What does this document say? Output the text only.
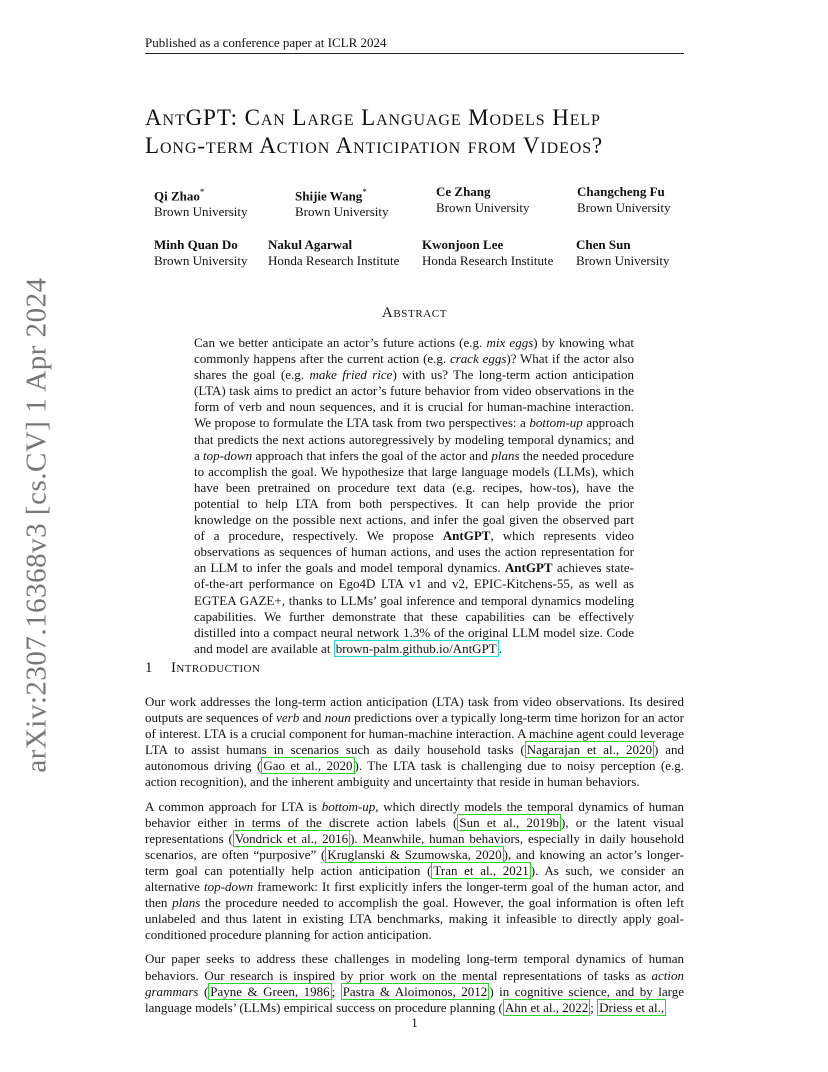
Published as a conference paper at ICLR 2024
arXiv:2307.16368v3 [cs.CV] 1 Apr 2024
AntGPT: Can Large Language Models Help
Long-term Action Anticipation from Videos?
Qi Zhao*
Brown University
Shijie Wang*
Brown University
Ce Zhang
Brown University
Changcheng Fu
Brown University
Minh Quan Do
Brown University
Nakul Agarwal
Honda Research Institute
Kwonjoon Lee
Honda Research Institute
Chen Sun
Brown University
Abstract
Can we better anticipate an actor’s future actions (e.g. mix eggs) by knowing what commonly happens after the current action (e.g. crack eggs)? What if the actor also shares the goal (e.g. make fried rice) with us? The long-term action anticipation (LTA) task aims to predict an actor’s future behavior from video observations in the form of verb and noun sequences, and it is crucial for human-machine interaction. We propose to formulate the LTA task from two perspectives: a bottom-up approach that predicts the next actions autoregressively by modeling temporal dynamics; and a top-down approach that infers the goal of the actor and plans the needed procedure to accomplish the goal. We hypothesize that large language models (LLMs), which have been pretrained on procedure text data (e.g. recipes, how-tos), have the potential to help LTA from both perspectives. It can help provide the prior knowledge on the possible next actions, and infer the goal given the observed part of a procedure, respectively. We propose AntGPT, which represents video observations as sequences of human actions, and uses the action representation for an LLM to infer the goals and model temporal dynamics. AntGPT achieves state-of-the-art performance on Ego4D LTA v1 and v2, EPIC-Kitchens-55, as well as EGTEA GAZE+, thanks to LLMs’ goal inference and temporal dynamics modeling capabilities. We further demonstrate that these capabilities can be effectively distilled into a compact neural network 1.3% of the original LLM model size. Code and model are available at brown-palm.github.io/AntGPT .
1 Introduction

Our work addresses the long-term action anticipation (LTA) task from video observations. Its desired outputs are sequences of verb and noun predictions over a typically long-term time horizon for an actor of interest. LTA is a crucial component for human-machine interaction. A machine agent could leverage LTA to assist humans in scenarios such as daily household tasks ( Nagarajan et al., 2020 ) and autonomous driving ( Gao et al., 2020 ). The LTA task is challenging due to noisy perception (e.g. action recognition), and the inherent ambiguity and uncertainty that reside in human behaviors.

A common approach for LTA is bottom-up, which directly models the temporal dynamics of human behavior either in terms of the discrete action labels ( Sun et al., 2019b ), or the latent visual representations ( Vondrick et al., 2016 ). Meanwhile, human behaviors, especially in daily household scenarios, are often “purposive” ( Kruglanski & Szumowska, 2020 ), and knowing an actor’s longer-term goal can potentially help action anticipation ( Tran et al., 2021 ). As such, we consider an alternative top-down framework: It first explicitly infers the longer-term goal of the human actor, and then plans the procedure needed to accomplish the goal. However, the goal information is often left unlabeled and thus latent in existing LTA benchmarks, making it infeasible to directly apply goal-conditioned procedure planning for action anticipation.

Our paper seeks to address these challenges in modeling long-term temporal dynamics of human behaviors. Our research is inspired by prior work on the mental representations of tasks as action grammars ( Payne & Green, 1986 ; Pastra & Aloimonos, 2012 ) in cognitive science, and by large language models’ (LLMs) empirical success on procedure planning ( Ahn et al., 2022 ; Driess et al.,

1
